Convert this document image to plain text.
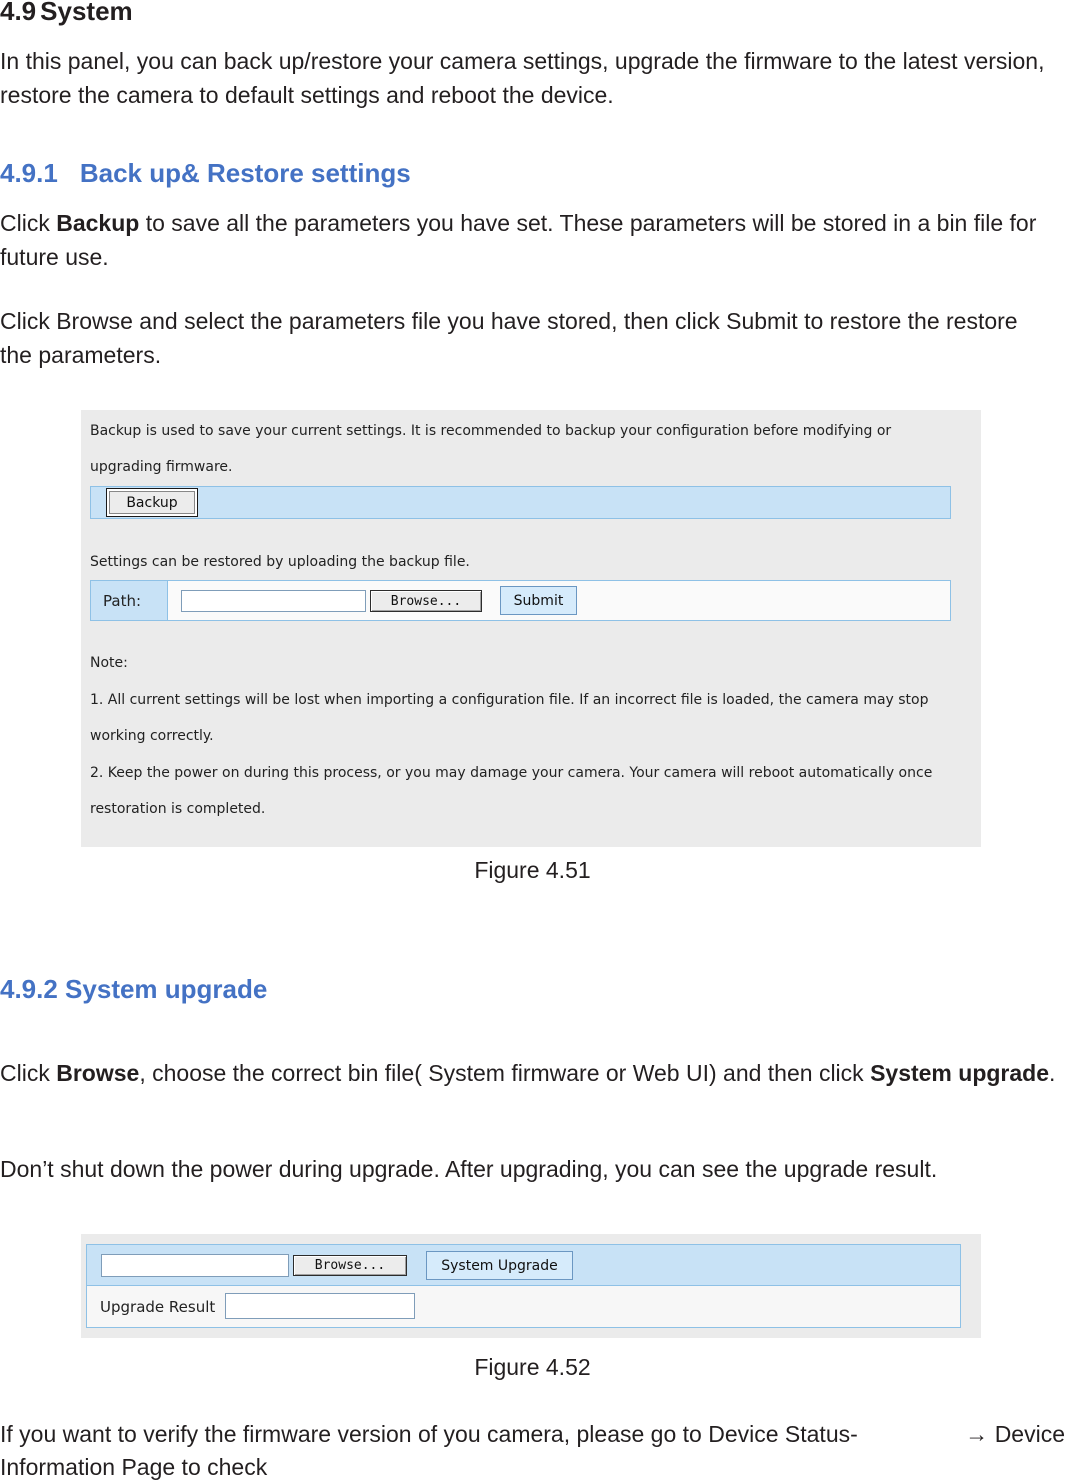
4.9 System

In this panel, you can back up/restore your camera settings, upgrade the firmware to the latest version, restore the camera to default settings and reboot the device.

4.9.1 Back up& Restore settings

Click Backup to save all the parameters you have set. These parameters will be stored in a bin file for future use.

Click Browse and select the parameters file you have stored, then click Submit to restore the restore the parameters.

Backup is used to save your current settings. It is recommended to backup your configuration before modifying or
upgrading firmware.
Backup
Settings can be restored by uploading the backup file.
Path:	Browse...	Submit
Note:
1. All current settings will be lost when importing a configuration file. If an incorrect file is loaded, the camera may stop
working correctly.
2. Keep the power on during this process, or you may damage your camera. Your camera will reboot automatically once
restoration is completed.
Figure 4.51
4.9.2 System upgrade

Click Browse, choose the correct bin file( System firmware or Web UI) and then click System upgrade.

Don’t shut down the power during upgrade. After upgrading, you can see the upgrade result.

Browse...	System Upgrade
Upgrade Result
Figure 4.52

If you want to verify the firmware version of you camera, please go to Device Status-	→ Device

Information Page to check
